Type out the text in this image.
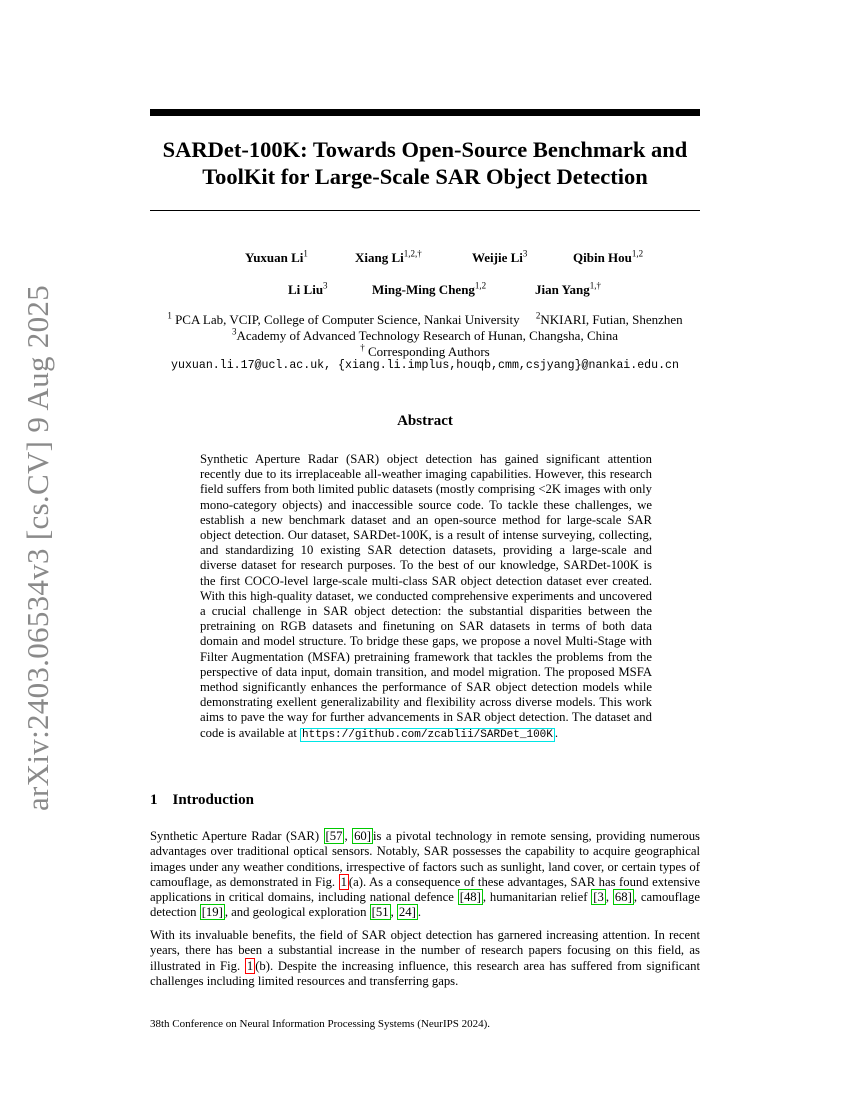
arXiv:2403.06534v3 [cs.CV] 9 Aug 2025
SARDet-100K: Towards Open-Source Benchmark and
ToolKit for Large-Scale SAR Object Detection
Yuxuan Li$^1$	Xiang $Li^{1,2,\dagger}$	Weijie Li$^3$	Qibin Hou$^{1,2}$
Li Liu$^3$	Ming-Ming Cheng$^{1,2}$	Jian Yang$^{1,\dagger}$
$^1$ PCA Lab, VCIP, College of Computer Science, Nankai University $^2$NKIARI, Futian, Shenzhen
$^3$Academy of Advanced Technology Research of Hunan, Changsha, China
† Corresponding Authors
yuxuan.li.17@ucl.ac.uk, {xiang.li.implus,houqb,cmm,csjyang}@nankai.edu.cn
Abstract
Synthetic Aperture Radar (SAR) object detection has gained significant attention recently due to its irreplaceable all-weather imaging capabilities. However, this research field suffers from both limited public datasets (mostly comprising <2K images with only mono-category objects) and inaccessible source code. To tackle these challenges, we establish a new benchmark dataset and an open-source method for large-scale SAR object detection. Our dataset, SARDet-100K, is a result of intense surveying, collecting, and standardizing 10 existing SAR detection datasets, providing a large-scale and diverse dataset for research purposes. To the best of our knowledge, SARDet-100K is the first COCO-level large-scale multi-class SAR object detection dataset ever created. With this high-quality dataset, we conducted comprehensive experiments and uncovered a crucial challenge in SAR object detection: the substantial disparities between the pretraining on RGB datasets and finetuning on SAR datasets in terms of both data domain and model structure. To bridge these gaps, we propose a novel Multi-Stage with Filter Augmentation (MSFA) pretraining framework that tackles the problems from the perspective of data input, domain transition, and model migration. The proposed MSFA method significantly enhances the performance of SAR object detection models while demonstrating exellent generalizability and flexibility across diverse models. This work aims to pave the way for further advancements in SAR object detection. The dataset and code is available at https://github.com/zcablii/SARDet_100K .
1 Introduction
Synthetic Aperture Radar (SAR) [57 , 60] is a pivotal technology in remote sensing, providing numerous advantages over traditional optical sensors. Notably, SAR possesses the capability to acquire geographical images under any weather conditions, irrespective of factors such as sunlight, land cover, or certain types of camouflage, as demonstrated in Fig. 1 (a). As a consequence of these advantages, SAR has found extensive applications in critical domains, including national defence [48] , humanitarian relief [3 , 68] , camouflage detection [19] , and geological exploration [51 , 24] .
With its invaluable benefits, the field of SAR object detection has garnered increasing attention. In recent years, there has been a substantial increase in the number of research papers focusing on this field, as illustrated in Fig. 1 (b). Despite the increasing influence, this research area has suffered from significant challenges including limited resources and transferring gaps.
38th Conference on Neural Information Processing Systems (NeurIPS 2024).
